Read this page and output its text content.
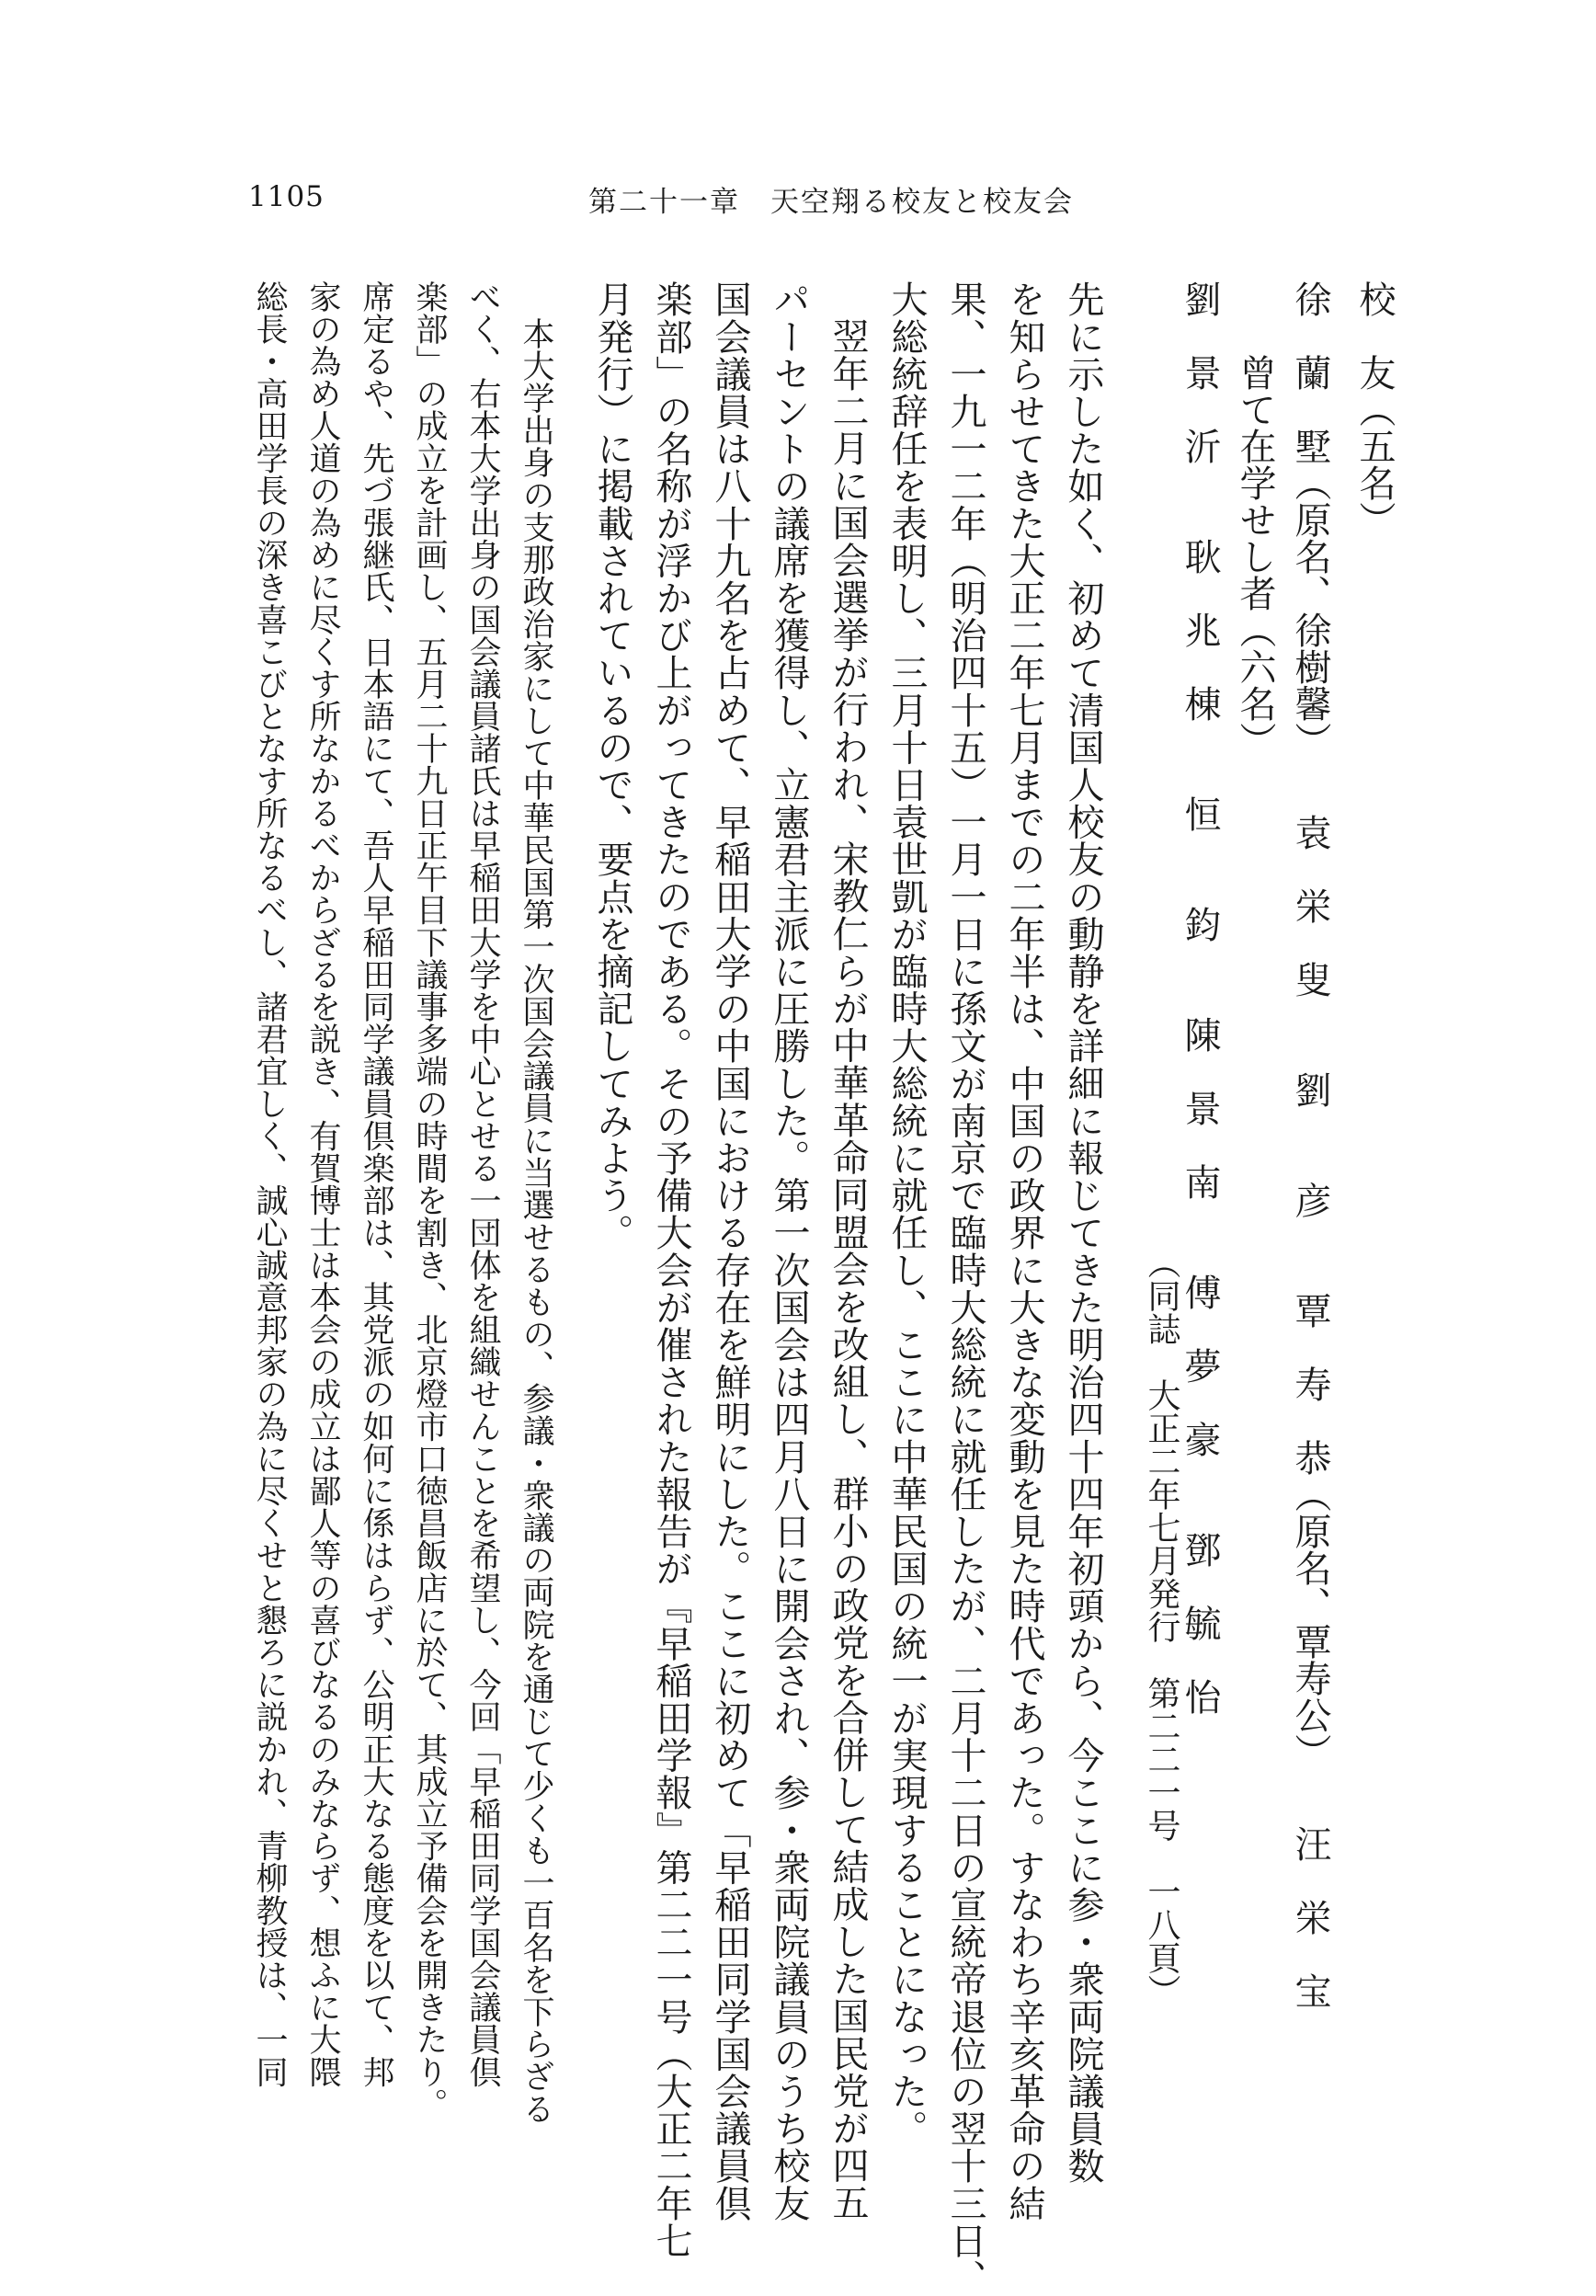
1105	第二十一章　天空翔る校友と校友会
校　友（五名）
徐　蘭　墅（原名、徐樹馨）　　袁　栄　叟　　劉　　彦　　覃　寿　恭（原名、覃寿公）　　汪　栄　宝
曾て在学せし者（六名）
劉　景　沂　　耿　兆　棟　　恒　　鈞　　陳　景　南　　傅　夢　豪　　鄧　毓　怡
（同誌　大正二年七月発行　第二二一号　一八頁）
先に示した如く、初めて清国人校友の動静を詳細に報じてきた明治四十四年初頭から、今ここに参・衆両院議員数
を知らせてきた大正二年七月までの二年半は、中国の政界に大きな変動を見た時代であった。すなわち辛亥革命の結
果、一九一二年（明治四十五）一月一日に孫文が南京で臨時大総統に就任したが、二月十二日の宣統帝退位の翌十三日、
大総統辞任を表明し、三月十日袁世凱が臨時大総統に就任し、ここに中華民国の統一が実現することになった。
翌年二月に国会選挙が行われ、宋教仁らが中華革命同盟会を改組し、群小の政党を合併して結成した国民党が四五
パーセントの議席を獲得し、立憲君主派に圧勝した。第一次国会は四月八日に開会され、参・衆両院議員のうち校友
国会議員は八十九名を占めて、早稲田大学の中国における存在を鮮明にした。ここに初めて「早稲田同学国会議員倶
楽部」の名称が浮かび上がってきたのである。その予備大会が催された報告が『早稲田学報』第二二一号（大正二年七
月発行）に掲載されているので、要点を摘記してみよう。
本大学出身の支那政治家にして中華民国第一次国会議員に当選せるもの、参議・衆議の両院を通じて少くも一百名を下らざる
べく、右本大学出身の国会議員諸氏は早稲田大学を中心とせる一団体を組織せんことを希望し、今回「早稲田同学国会議員倶
楽部」の成立を計画し、五月二十九日正午目下議事多端の時間を割き、北京燈市口徳昌飯店に於て、其成立予備会を開きたり。
席定るや、先づ張継氏、日本語にて、吾人早稲田同学議員倶楽部は、其党派の如何に係はらず、公明正大なる態度を以て、邦
家の為め人道の為めに尽くす所なかるべからざるを説き、有賀博士は本会の成立は鄙人等の喜びなるのみならず、想ふに大隈
総長・高田学長の深き喜こびとなす所なるべし、諸君宜しく、誠心誠意邦家の為に尽くせと懇ろに説かれ、青柳教授は、一同
